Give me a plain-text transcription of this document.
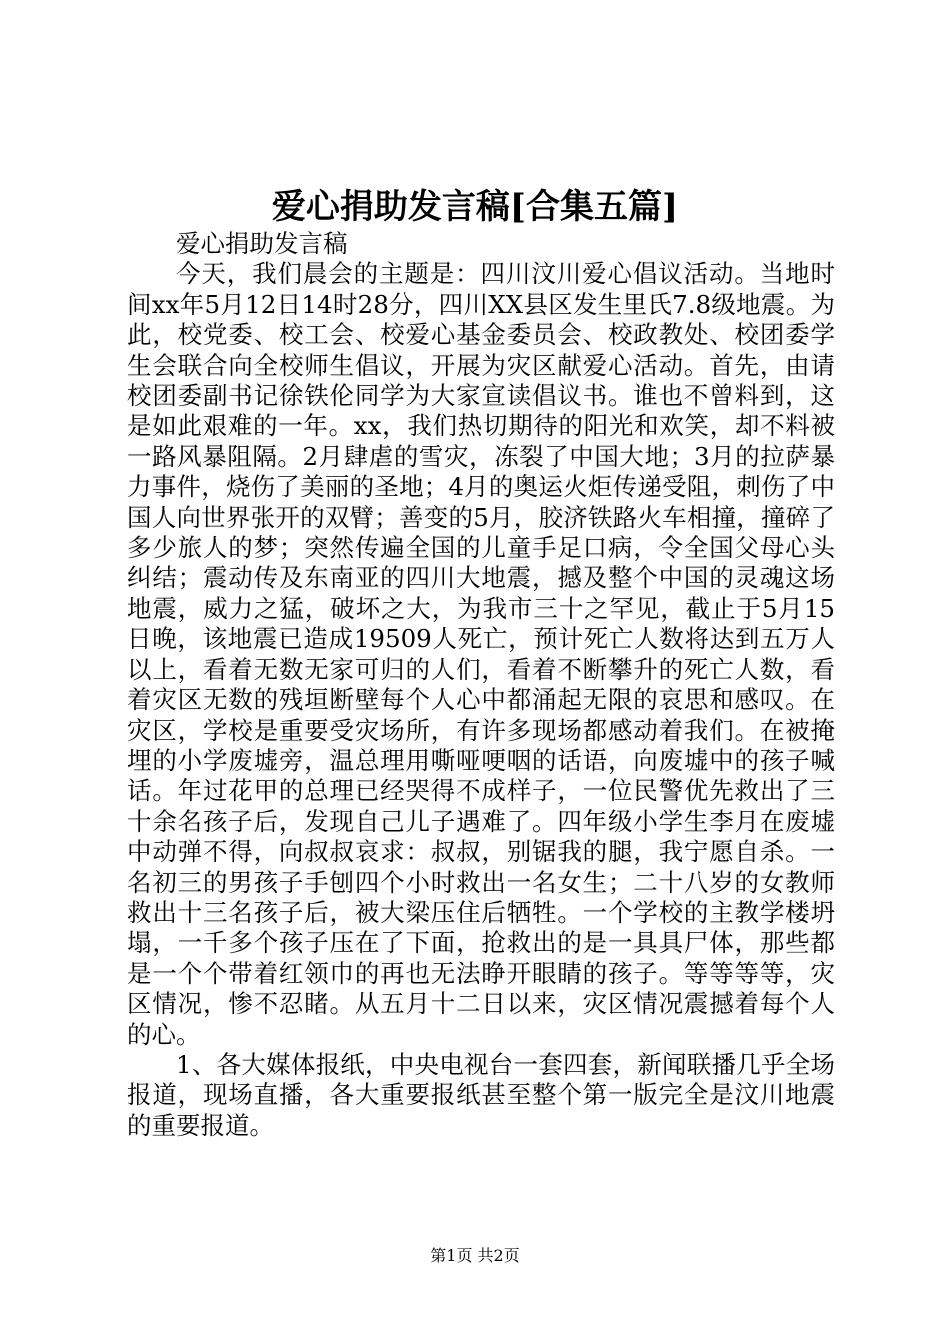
爱心捐助发言稿[合集五篇]

爱心捐助发言稿

今天，我们晨会的主题是：四川汶川爱心倡议活动。当地时间xx年5月12日14时28分，四川XX县区发生里氏7.8级地震。为此，校党委、校工会、校爱心基金委员会、校政教处、校团委学生会联合向全校师生倡议，开展为灾区献爱心活动。首先，由请校团委副书记徐铁伦同学为大家宣读倡议书。谁也不曾料到，这是如此艰难的一年。xx，我们热切期待的阳光和欢笑，却不料被一路风暴阻隔。2月肆虐的雪灾，冻裂了中国大地；3月的拉萨暴力事件，烧伤了美丽的圣地；4月的奥运火炬传递受阻，刺伤了中国人向世界张开的双臂；善变的5月，胶济铁路火车相撞，撞碎了多少旅人的梦；突然传遍全国的儿童手足口病，令全国父母心头纠结；震动传及东南亚的四川大地震，撼及整个中国的灵魂这场地震，威力之猛，破坏之大，为我市三十之罕见，截止于5月15日晚，该地震已造成19509人死亡，预计死亡人数将达到五万人以上，看着无数无家可归的人们，看着不断攀升的死亡人数，看着灾区无数的残垣断壁每个人心中都涌起无限的哀思和感叹。在灾区，学校是重要受灾场所，有许多现场都感动着我们。在被掩埋的小学废墟旁，温总理用嘶哑哽咽的话语，向废墟中的孩子喊话。年过花甲的总理已经哭得不成样子，一位民警优先救出了三十余名孩子后，发现自己儿子遇难了。四年级小学生李月在废墟中动弹不得，向叔叔哀求：叔叔，别锯我的腿，我宁愿自杀。一名初三的男孩子手刨四个小时救出一名女生；二十八岁的女教师救出十三名孩子后，被大梁压住后牺牲。一个学校的主教学楼坍塌，一千多个孩子压在了下面，抢救出的是一具具尸体，那些都是一个个带着红领巾的再也无法睁开眼睛的孩子。等等等等，灾区情况，惨不忍睹。从五月十二日以来，灾区情况震撼着每个人的心。

1、各大媒体报纸，中央电视台一套四套，新闻联播几乎全场报道，现场直播，各大重要报纸甚至整个第一版完全是汶川地震的重要报道。

第1页 共2页
